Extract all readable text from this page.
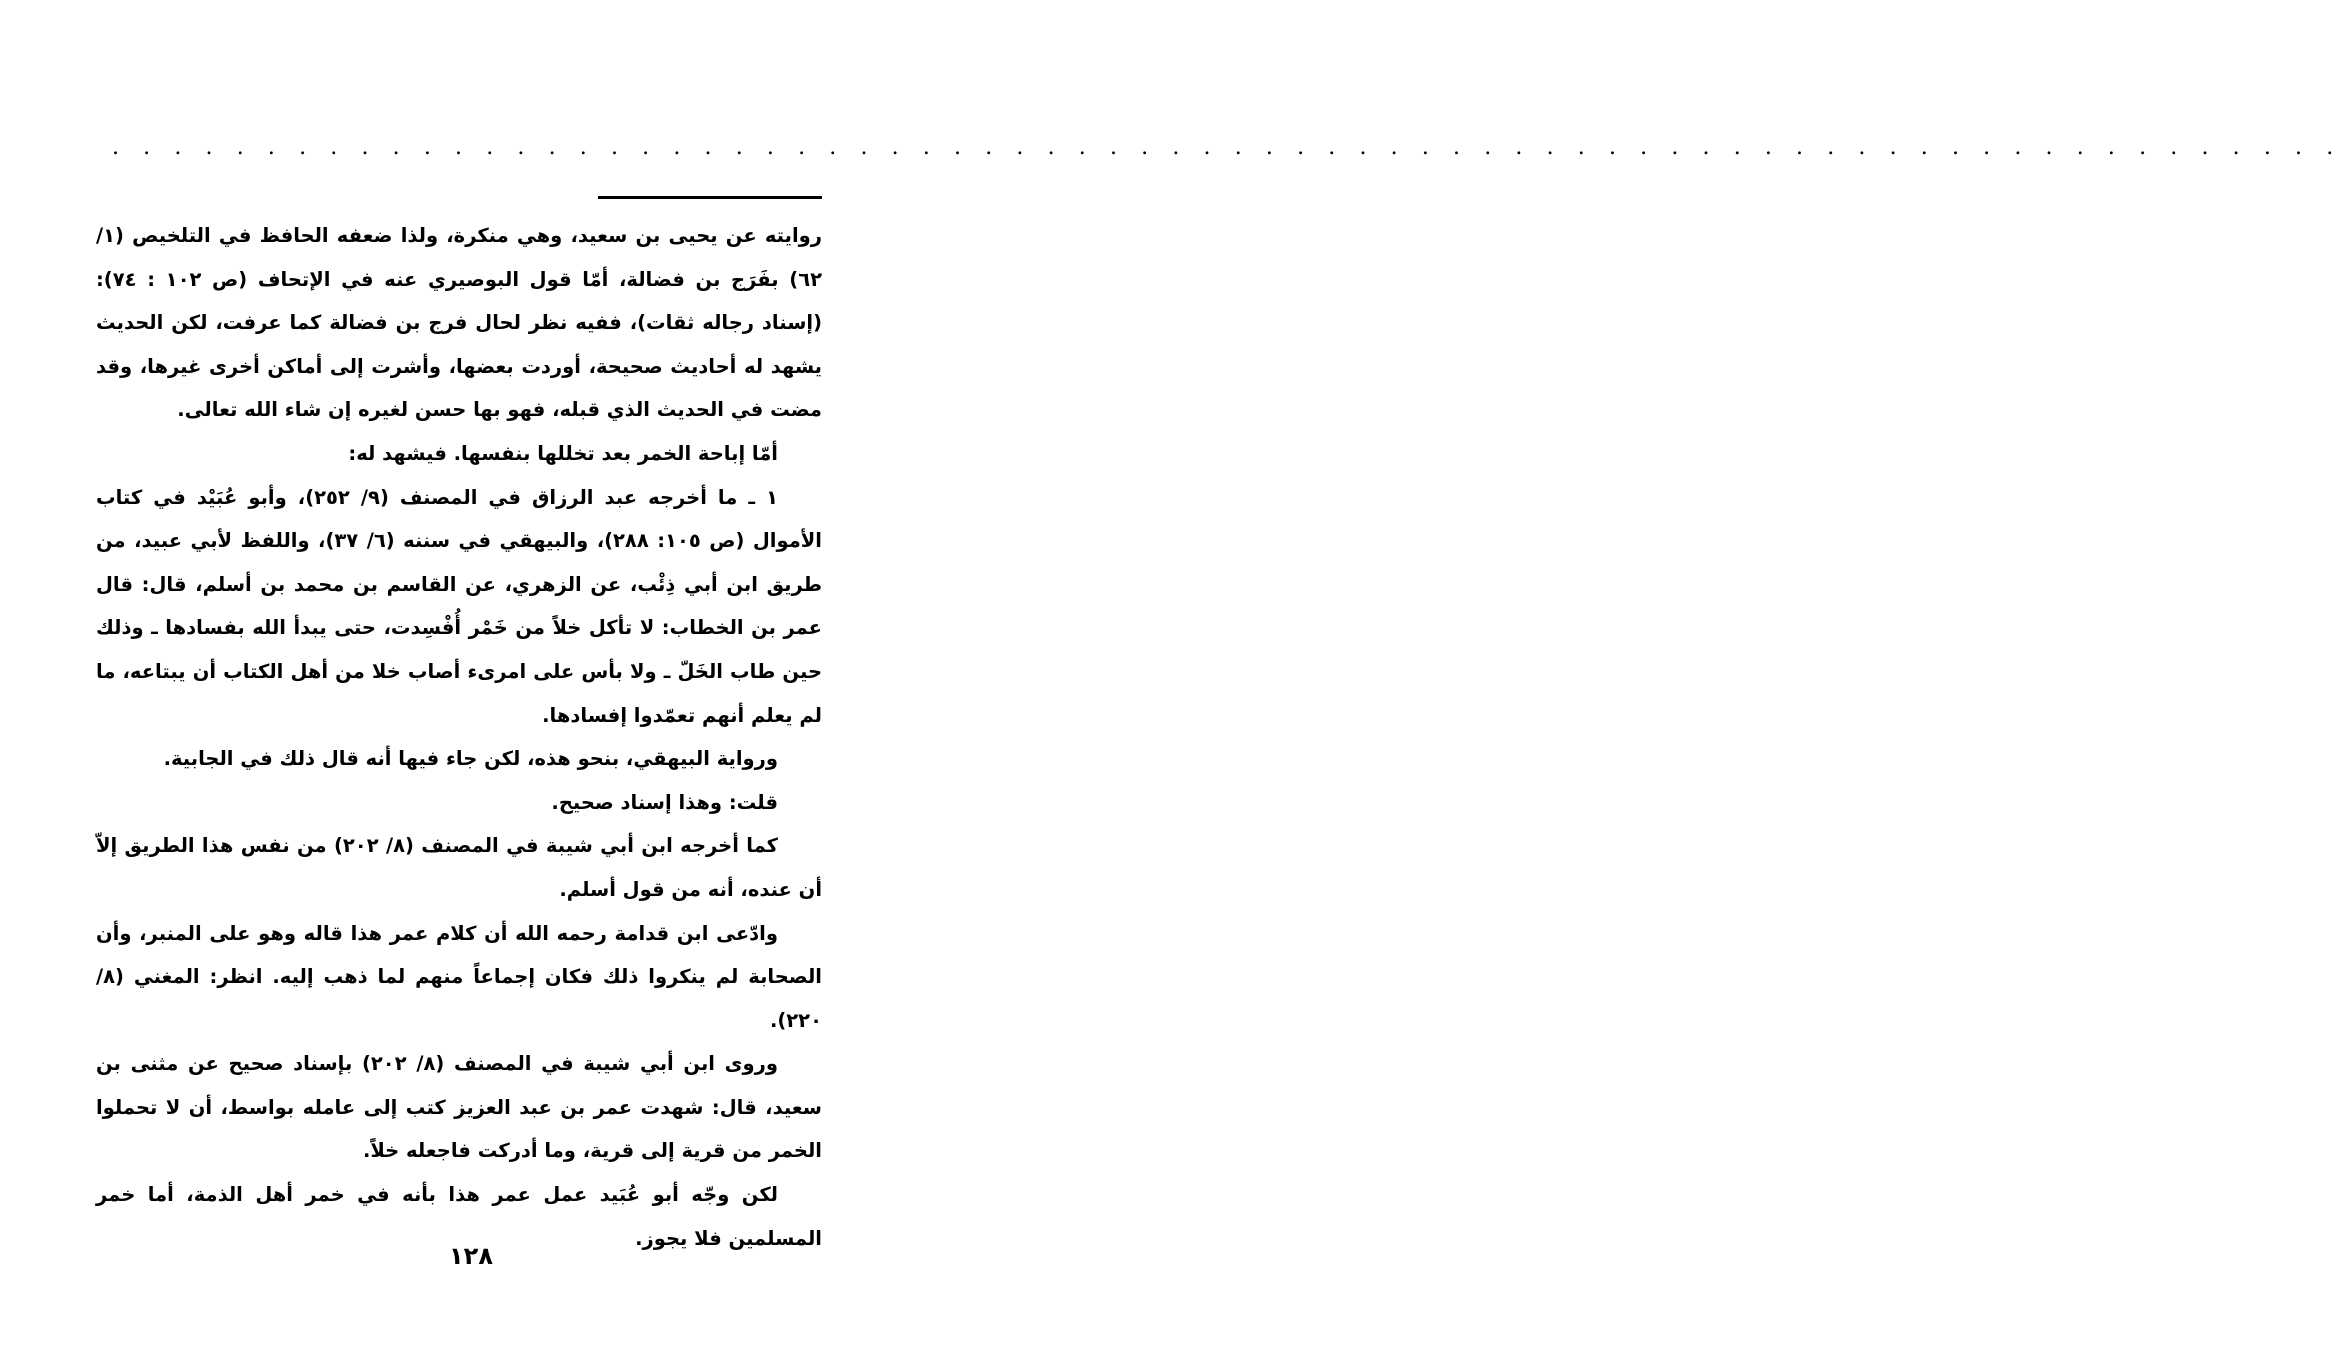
. . . . . . . . . . . . . . . . . . . . . . . . . . . . . . . . . . . . . . . . . . . . . . . . . . . . . . . . . . . . . . . . . . . . . . . .

روايته عن يحيى بن سعيد، وهي منكرة، ولذا ضعفه الحافظ في التلخيص (١/ ٦٢) بفَرَج بن فضالة، أمّا قول البوصيري عنه في الإتحاف (ص ١٠٢ : ٧٤): (إسناد رجاله ثقات)، ففيه نظر لحال فرج بن فضالة كما عرفت، لكن الحديث يشهد له أحاديث صحيحة، أوردت بعضها، وأشرت إلى أماكن أخرى غيرها، وقد مضت في الحديث الذي قبله، فهو بها حسن لغيره إن شاء الله تعالى.

أمّا إباحة الخمر بعد تخللها بنفسها. فيشهد له:

١ ـ ما أخرجه عبد الرزاق في المصنف (٩/ ٢٥٢)، وأبو عُبَيْد في كتاب الأموال (ص ١٠٥: ٢٨٨)، والبيهقي في سننه (٦/ ٣٧)، واللفظ لأبي عبيد، من طريق ابن أبي ذِئْب، عن الزهري، عن القاسم بن محمد بن أسلم، قال: قال عمر بن الخطاب: لا تأكل خلاً من خَمْر أُفْسِدت، حتى يبدأ الله بفسادها ـ وذلك حين طاب الخَلّ ـ ولا بأس على امرىء أصاب خلا من أهل الكتاب أن يبتاعه، ما لم يعلم أنهم تعمّدوا إفسادها.

ورواية البيهقي، بنحو هذه، لكن جاء فيها أنه قال ذلك في الجابية.

قلت: وهذا إسناد صحيح.

كما أخرجه ابن أبي شيبة في المصنف (٨/ ٢٠٢) من نفس هذا الطريق إلاّ أن عنده، أنه من قول أسلم.

وادّعى ابن قدامة رحمه الله أن كلام عمر هذا قاله وهو على المنبر، وأن الصحابة لم ينكروا ذلك فكان إجماعاً منهم لما ذهب إليه. انظر: المغني (٨/ ٢٢٠).

وروى ابن أبي شيبة في المصنف (٨/ ٢٠٢) بإسناد صحيح عن مثنى بن سعيد، قال: شهدت عمر بن عبد العزيز كتب إلى عامله بواسط، أن لا تحملوا الخمر من قرية إلى قرية، وما أدركت فاجعله خلاً.

لكن وجّه أبو عُبَيد عمل عمر هذا بأنه في خمر أهل الذمة، أما خمر المسلمين فلا يجوز.

١٢٨
